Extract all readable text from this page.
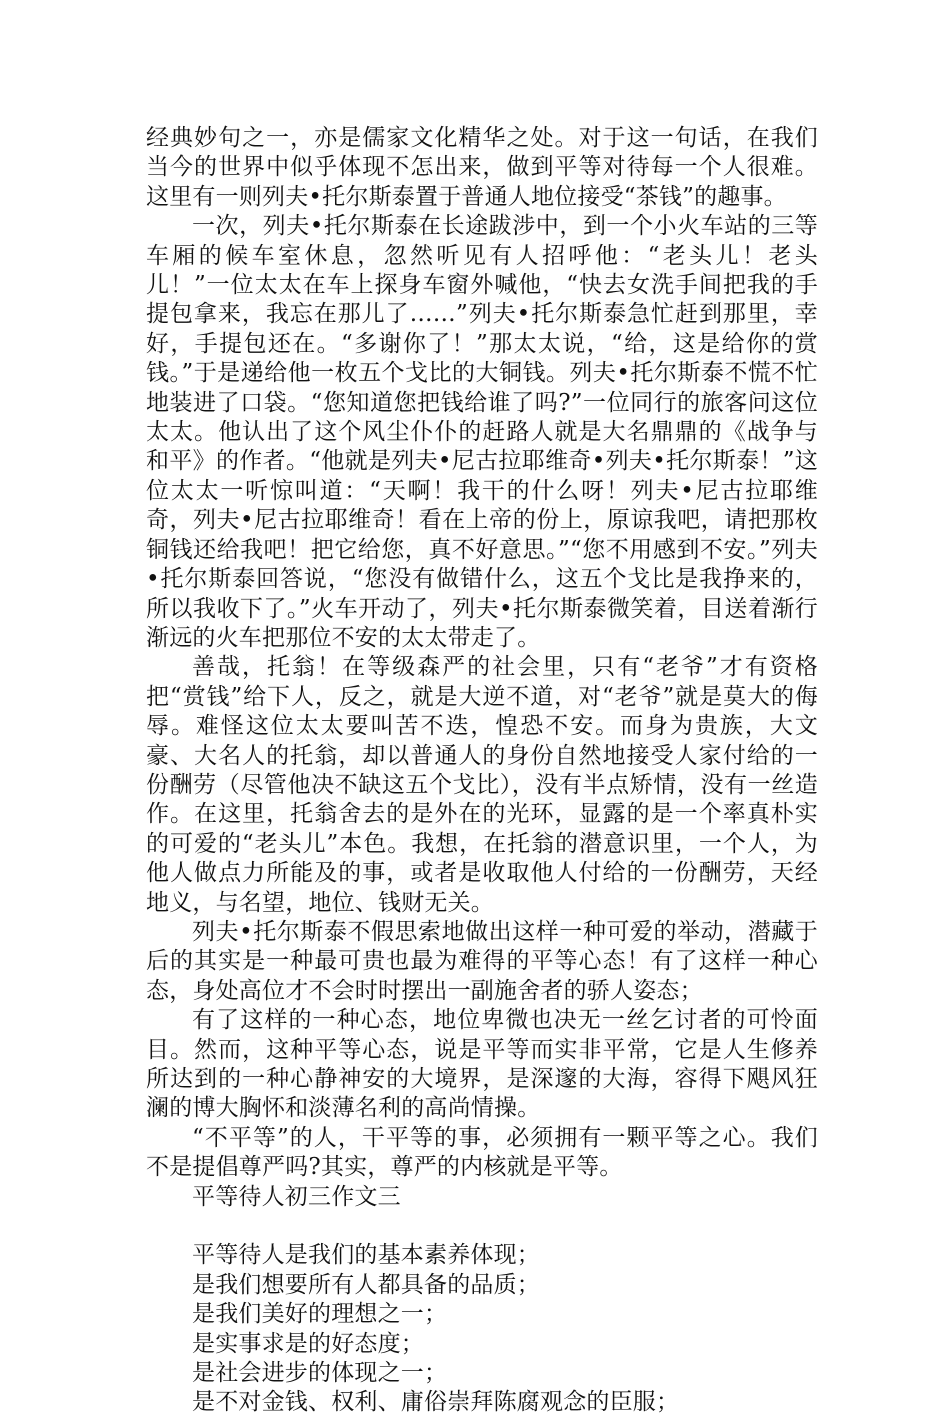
经典妙句之一，亦是儒家文化精华之处。对于这一句话，在我们当今的世界中似乎体现不怎出来，做到平等对待每一个人很难。这里有一则列夫•托尔斯泰置于普通人地位接受“茶钱”的趣事。

一次，列夫•托尔斯泰在长途跋涉中，到一个小火车站的三等车厢的候车室休息，忽然听见有人招呼他：“老头儿！老头儿！”一位太太在车上探身车窗外喊他，“快去女洗手间把我的手提包拿来，我忘在那儿了……”列夫•托尔斯泰急忙赶到那里，幸好，手提包还在。“多谢你了！”那太太说，“给，这是给你的赏钱。”于是递给他一枚五个戈比的大铜钱。列夫•托尔斯泰不慌不忙地装进了口袋。“您知道您把钱给谁了吗?”一位同行的旅客问这位太太。他认出了这个风尘仆仆的赶路人就是大名鼎鼎的《战争与和平》的作者。“他就是列夫•尼古拉耶维奇•列夫•托尔斯泰！”这位太太一听惊叫道：“天啊！我干的什么呀！列夫•尼古拉耶维奇，列夫•尼古拉耶维奇！看在上帝的份上，原谅我吧，请把那枚铜钱还给我吧！把它给您，真不好意思。”“您不用感到不安。”列夫•托尔斯泰回答说，“您没有做错什么，这五个戈比是我挣来的，所以我收下了。”火车开动了，列夫•托尔斯泰微笑着，目送着渐行渐远的火车把那位不安的太太带走了。

善哉，托翁！在等级森严的社会里，只有“老爷”才有资格把“赏钱”给下人，反之，就是大逆不道，对“老爷”就是莫大的侮辱。难怪这位太太要叫苦不迭，惶恐不安。而身为贵族，大文豪、大名人的托翁，却以普通人的身份自然地接受人家付给的一份酬劳（尽管他决不缺这五个戈比），没有半点矫情，没有一丝造作。在这里，托翁舍去的是外在的光环，显露的是一个率真朴实的可爱的“老头儿”本色。我想，在托翁的潜意识里，一个人，为他人做点力所能及的事，或者是收取他人付给的一份酬劳，天经地义，与名望，地位、钱财无关。

列夫•托尔斯泰不假思索地做出这样一种可爱的举动，潜藏于后的其实是一种最可贵也最为难得的平等心态！有了这样一种心态，身处高位才不会时时摆出一副施舍者的骄人姿态；

有了这样的一种心态，地位卑微也决无一丝乞讨者的可怜面目。然而，这种平等心态，说是平等而实非平常，它是人生修养所达到的一种心静神安的大境界，是深邃的大海，容得下飓风狂澜的博大胸怀和淡薄名利的高尚情操。

“不平等”的人，干平等的事，必须拥有一颗平等之心。我们不是提倡尊严吗?其实，尊严的内核就是平等。

平等待人初三作文三

平等待人是我们的基本素养体现；

是我们想要所有人都具备的品质；

是我们美好的理想之一；

是实事求是的好态度；

是社会进步的体现之一；

是不对金钱、权利、庸俗崇拜陈腐观念的臣服；
